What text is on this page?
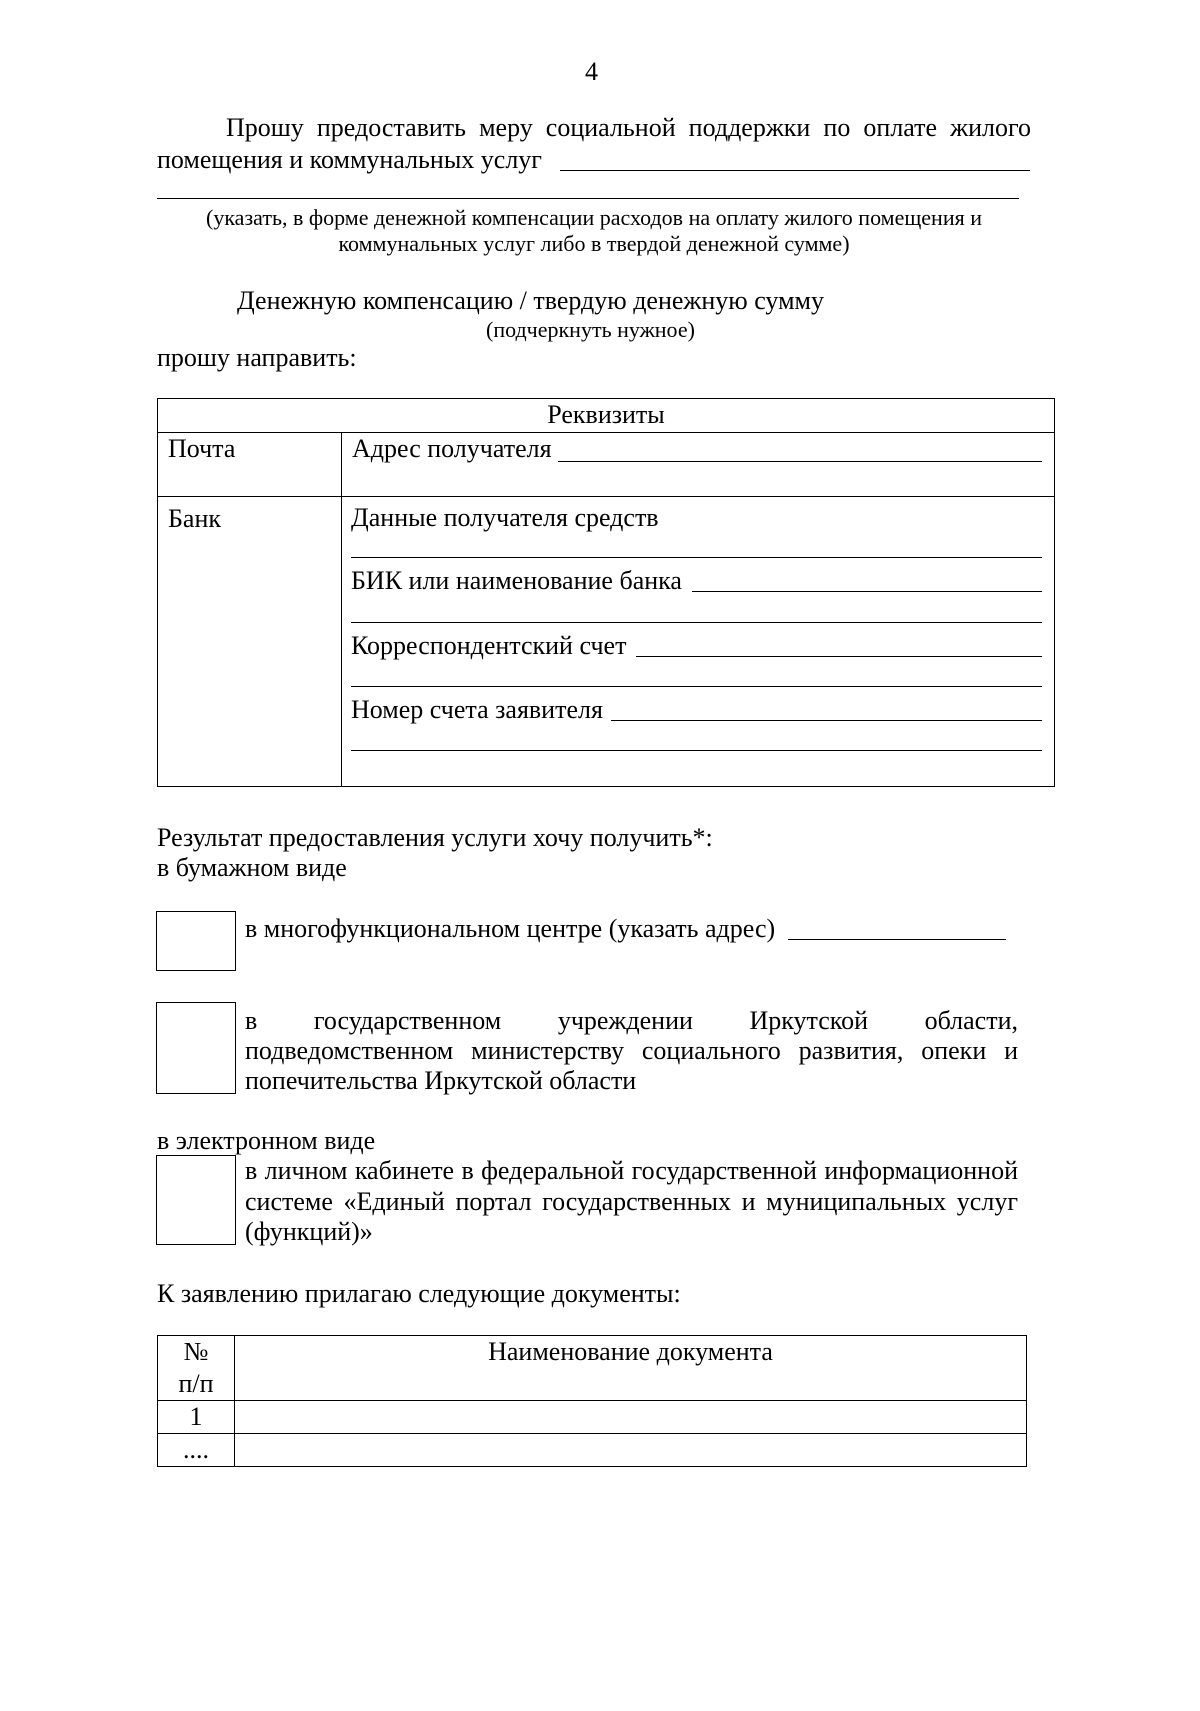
4
Прошу предоставить меру социальной поддержки по оплате жилого
помещения и коммунальных услуг
(указать, в форме денежной компенсации расходов на оплату жилого помещения и
коммунальных услуг либо в твердой денежной сумме)
Денежную компенсацию / твердую денежную сумму
(подчеркнуть нужное)
прошу направить:
Реквизиты	
Почта	Адрес получателя
Банк		Данные получателя средств
БИК или наименование банка
Корреспондентский счет
Номер счета заявителя
Результат предоставления услуги хочу получить*:
в бумажном виде
в многофункциональном центре (указать адрес)
в государственном учреждении Иркутской области,
подведомственном министерству социального развития, опеки и
попечительства Иркутской области
в электронном виде
в личном кабинете в федеральной государственной информационной
системе «Единый портал государственных и муниципальных услуг
(функций)»
К заявлению прилагаю следующие документы:
№
п/п	Наименование документа
1	
....	
